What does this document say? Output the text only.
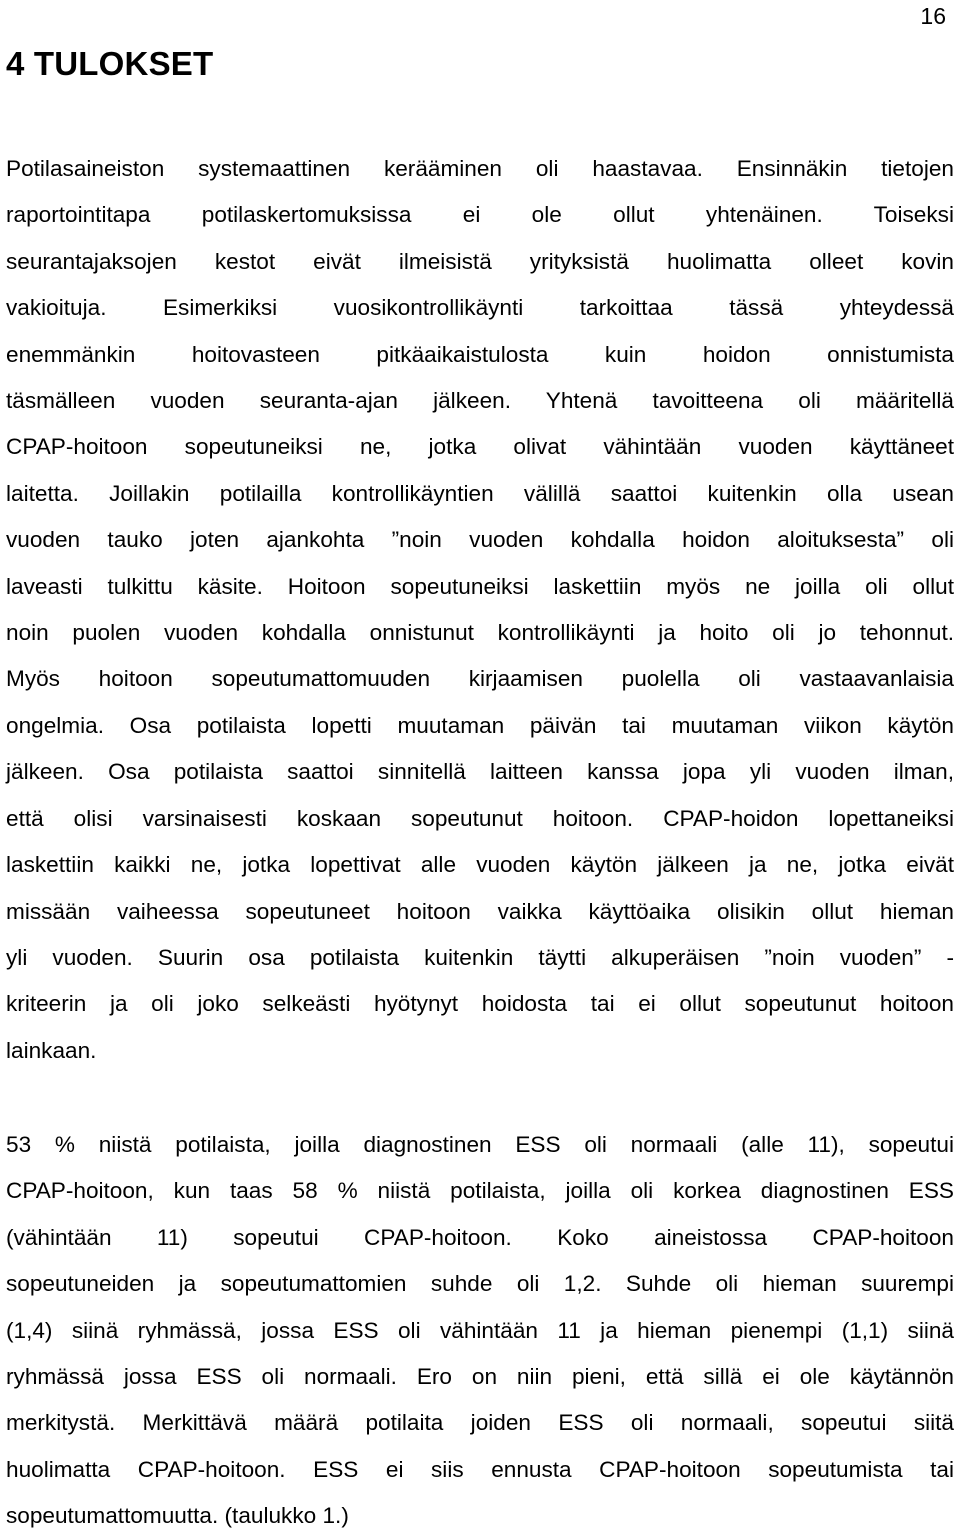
16
4 TULOKSET
Potilasaineiston systemaattinen kerääminen oli haastavaa. Ensinnäkin tietojen
raportointitapa potilaskertomuksissa ei ole ollut yhtenäinen. Toiseksi
seurantajaksojen kestot eivät ilmeisistä yrityksistä huolimatta olleet kovin
vakioituja. Esimerkiksi vuosikontrollikäynti tarkoittaa tässä yhteydessä
enemmänkin hoitovasteen pitkäaikaistulosta kuin hoidon onnistumista
täsmälleen vuoden seuranta-ajan jälkeen. Yhtenä tavoitteena oli määritellä
CPAP-hoitoon sopeutuneiksi ne, jotka olivat vähintään vuoden käyttäneet
laitetta. Joillakin potilailla kontrollikäyntien välillä saattoi kuitenkin olla usean
vuoden tauko joten ajankohta ”noin vuoden kohdalla hoidon aloituksesta” oli
laveasti tulkittu käsite. Hoitoon sopeutuneiksi laskettiin myös ne joilla oli ollut
noin puolen vuoden kohdalla onnistunut kontrollikäynti ja hoito oli jo tehonnut.
Myös hoitoon sopeutumattomuuden kirjaamisen puolella oli vastaavanlaisia
ongelmia. Osa potilaista lopetti muutaman päivän tai muutaman viikon käytön
jälkeen. Osa potilaista saattoi sinnitellä laitteen kanssa jopa yli vuoden ilman,
että olisi varsinaisesti koskaan sopeutunut hoitoon. CPAP-hoidon lopettaneiksi
laskettiin kaikki ne, jotka lopettivat alle vuoden käytön jälkeen ja ne, jotka eivät
missään vaiheessa sopeutuneet hoitoon vaikka käyttöaika olisikin ollut hieman
yli vuoden. Suurin osa potilaista kuitenkin täytti alkuperäisen ”noin vuoden” -
kriteerin ja oli joko selkeästi hyötynyt hoidosta tai ei ollut sopeutunut hoitoon
lainkaan.
53 % niistä potilaista, joilla diagnostinen ESS oli normaali (alle 11), sopeutui
CPAP-hoitoon, kun taas 58 % niistä potilaista, joilla oli korkea diagnostinen ESS
(vähintään 11) sopeutui CPAP-hoitoon. Koko aineistossa CPAP-hoitoon
sopeutuneiden ja sopeutumattomien suhde oli 1,2. Suhde oli hieman suurempi
(1,4) siinä ryhmässä, jossa ESS oli vähintään 11 ja hieman pienempi (1,1) siinä
ryhmässä jossa ESS oli normaali. Ero on niin pieni, että sillä ei ole käytännön
merkitystä. Merkittävä määrä potilaita joiden ESS oli normaali, sopeutui siitä
huolimatta CPAP-hoitoon. ESS ei siis ennusta CPAP-hoitoon sopeutumista tai
sopeutumattomuutta. (taulukko 1.)
